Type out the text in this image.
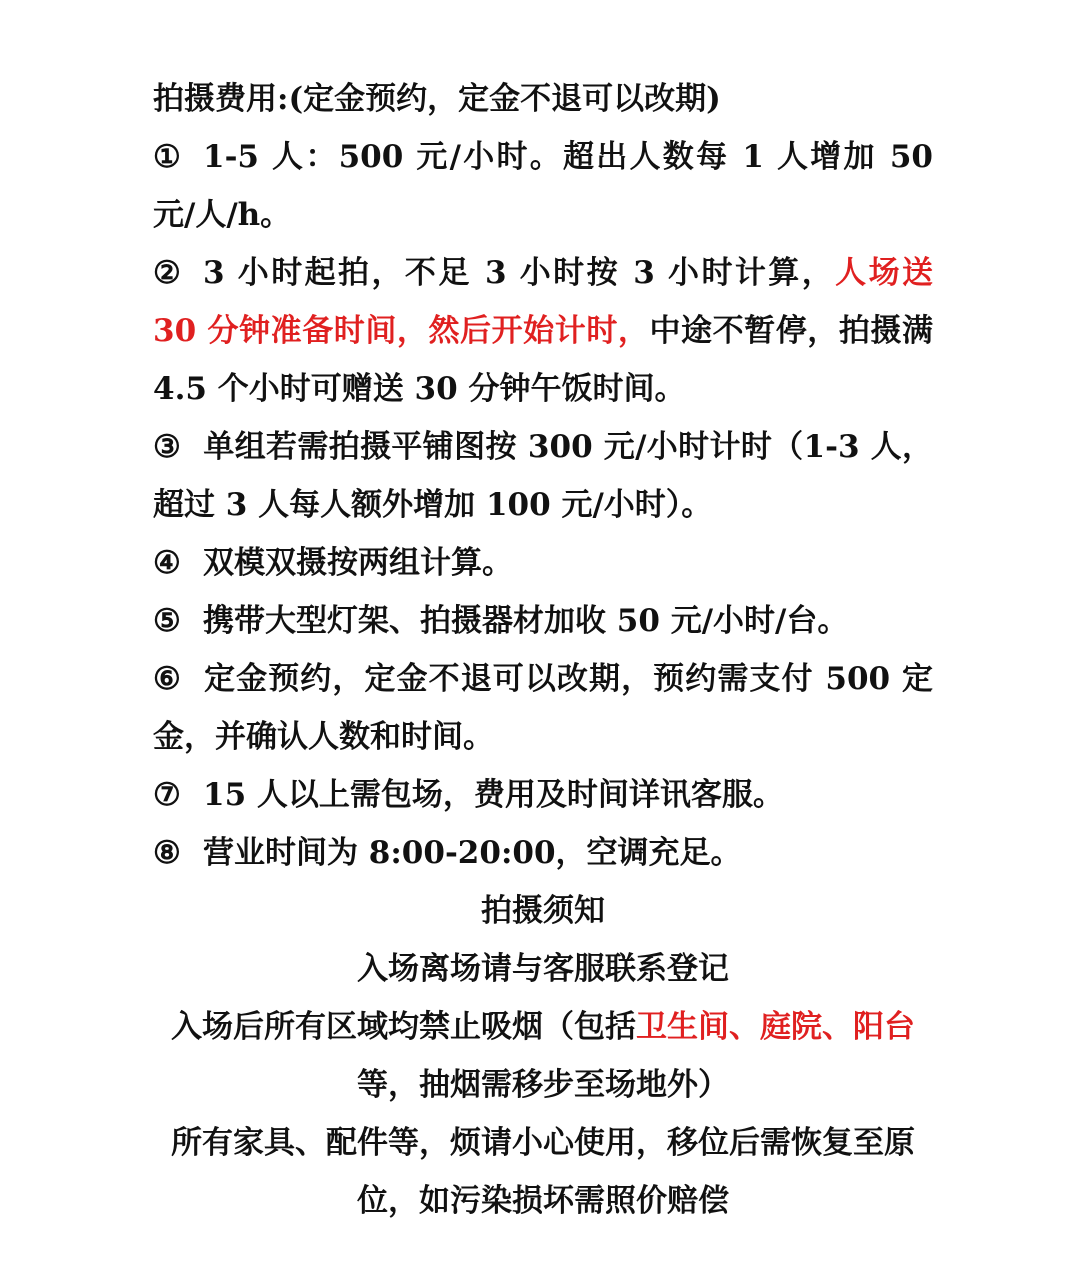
拍摄费用:(定金预约，定金不退可以改期)

① 1-5 人：500 元/小时。超出人数每 1 人增加 50 元/人/h。

② 3 小时起拍，不足 3 小时按 3 小时计算，人场送 30 分钟准备时间，然后开始计时，中途不暂停，拍摄满 4.5 个小时可赠送 30 分钟午饭时间。

③ 单组若需拍摄平铺图按 300 元/小时计时（1-3 人，超过 3 人每人额外增加 100 元/小时）。

④ 双模双摄按两组计算。

⑤ 携带大型灯架、拍摄器材加收 50 元/小时/台。

⑥ 定金预约，定金不退可以改期，预约需支付 500 定金，并确认人数和时间。

⑦ 15 人以上需包场，费用及时间详讯客服。

⑧ 营业时间为 8:00-20:00，空调充足。

拍摄须知

入场离场请与客服联系登记

入场后所有区域均禁止吸烟（包括卫生间、庭院、阳台等，抽烟需移步至场地外）

所有家具、配件等，烦请小心使用，移位后需恢复至原位，如污染损坏需照价赔偿
